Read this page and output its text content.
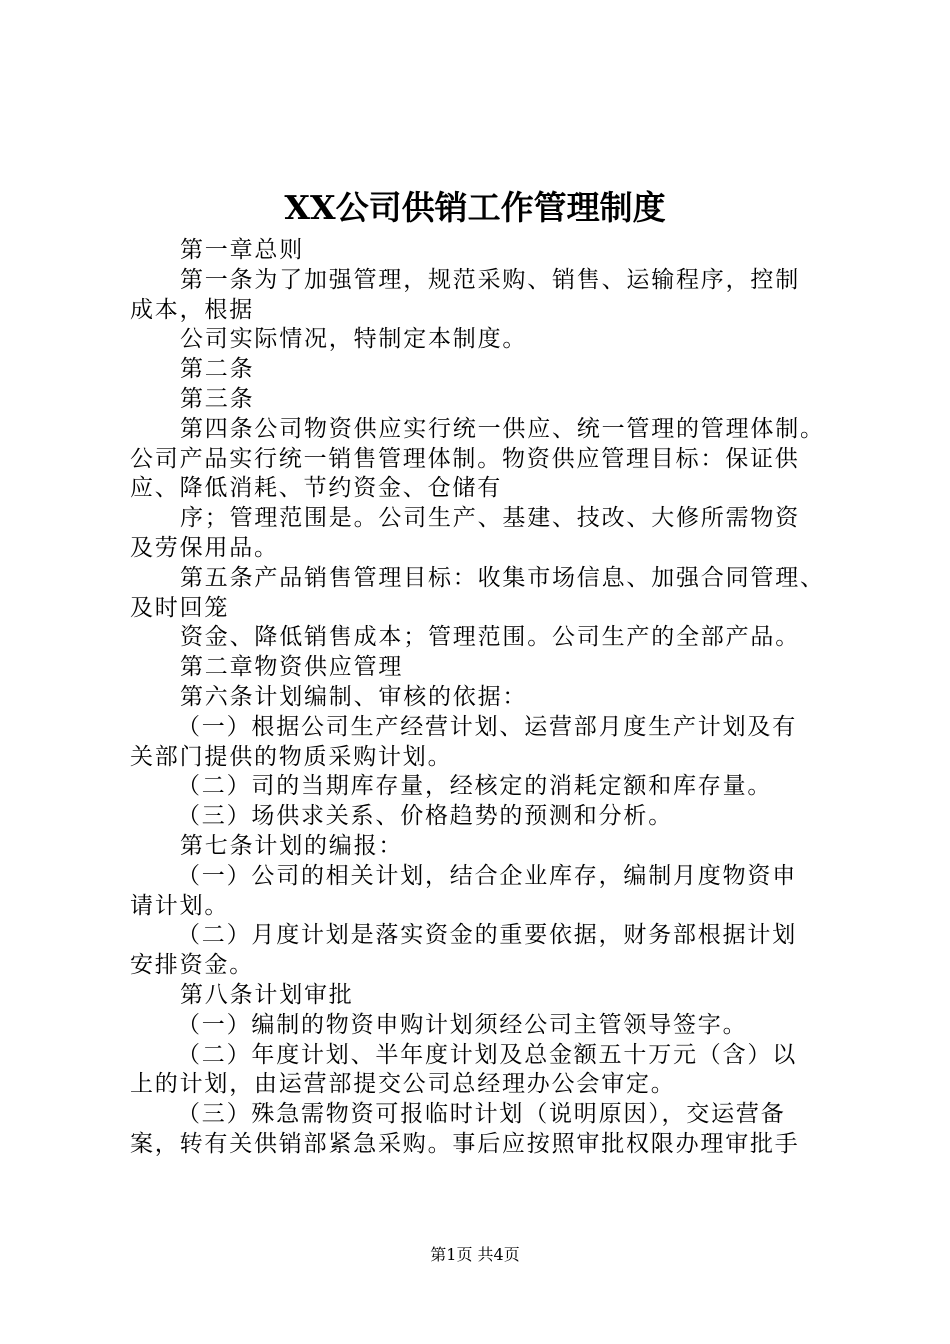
XX公司供销工作管理制度
第一章总则
第一条为了加强管理，规范采购、销售、运输程序，控制
成本，根据
公司实际情况，特制定本制度。
第二条
第三条
第四条公司物资供应实行统一供应、统一管理的管理体制。
公司产品实行统一销售管理体制。物资供应管理目标：保证供
应、降低消耗、节约资金、仓储有
序；管理范围是。公司生产、基建、技改、大修所需物资
及劳保用品。
第五条产品销售管理目标：收集市场信息、加强合同管理、
及时回笼
资金、降低销售成本；管理范围。公司生产的全部产品。
第二章物资供应管理
第六条计划编制、审核的依据：
（一）根据公司生产经营计划、运营部月度生产计划及有
关部门提供的物质采购计划。
（二）司的当期库存量，经核定的消耗定额和库存量。
（三）场供求关系、价格趋势的预测和分析。
第七条计划的编报：
（一）公司的相关计划，结合企业库存，编制月度物资申
请计划。
（二）月度计划是落实资金的重要依据，财务部根据计划
安排资金。
第八条计划审批
（一）编制的物资申购计划须经公司主管领导签字。
（二）年度计划、半年度计划及总金额五十万元（含）以
上的计划，由运营部提交公司总经理办公会审定。
（三）殊急需物资可报临时计划（说明原因），交运营备
案，转有关供销部紧急采购。事后应按照审批权限办理审批手
第1页 共4页
